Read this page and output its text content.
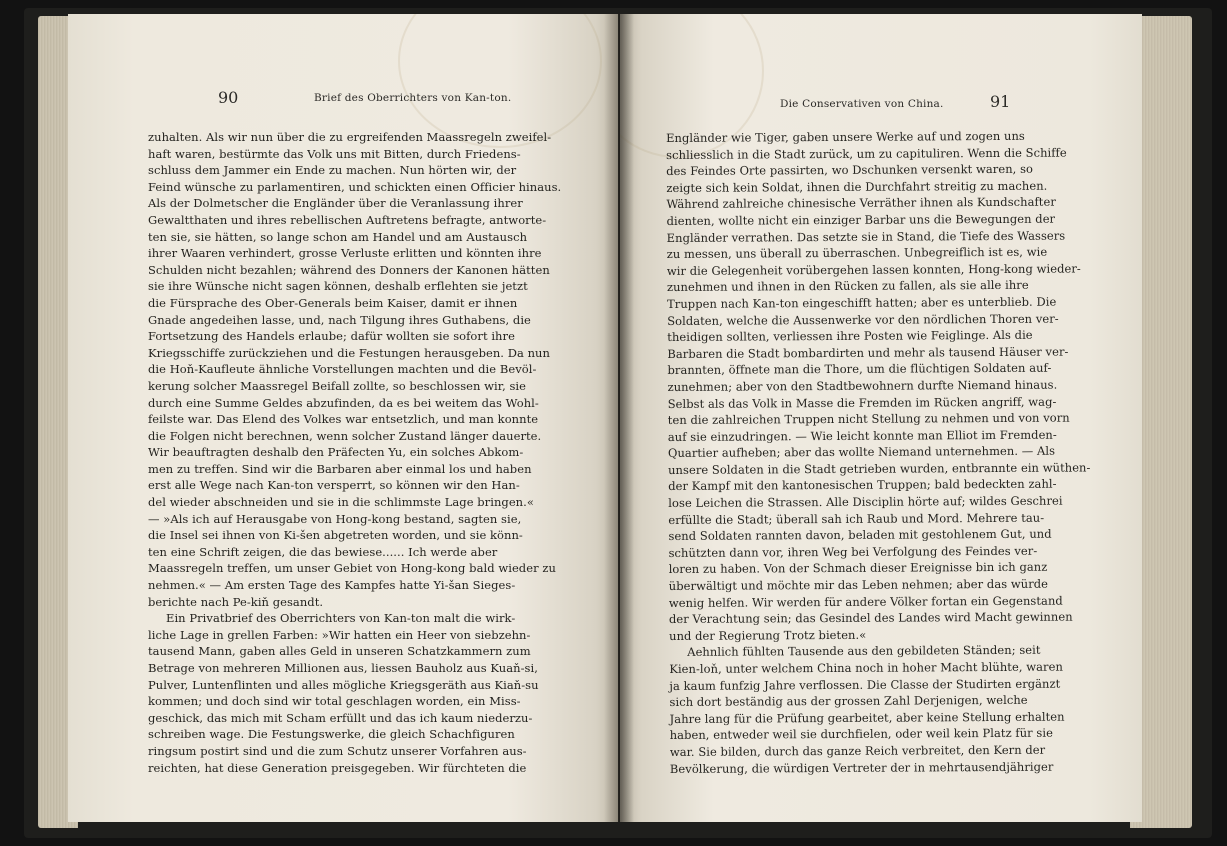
90	Brief des Oberrichters von Kan-ton.	Die Conservativen von China.	91
zuhalten. Als wir nun über die zu ergreifenden Maassregeln zweifel-
haft waren, bestürmte das Volk uns mit Bitten, durch Friedens-
schluss dem Jammer ein Ende zu machen. Nun hörten wir, der
Feind wünsche zu parlamentiren, und schickten einen Officier hinaus.
Als der Dolmetscher die Engländer über die Veranlassung ihrer
Gewaltthaten und ihres rebellischen Auftretens befragte, antworte-
ten sie, sie hätten, so lange schon am Handel und am Austausch
ihrer Waaren verhindert, grosse Verluste erlitten und könnten ihre
Schulden nicht bezahlen; während des Donners der Kanonen hätten
sie ihre Wünsche nicht sagen können, deshalb erflehten sie jetzt
die Fürsprache des Ober-Generals beim Kaiser, damit er ihnen
Gnade angedeihen lasse, und, nach Tilgung ihres Guthabens, die
Fortsetzung des Handels erlaube; dafür wollten sie sofort ihre
Kriegsschiffe zurückziehen und die Festungen herausgeben. Da nun
die Hoň-Kaufleute ähnliche Vorstellungen machten und die Bevöl-
kerung solcher Maassregel Beifall zollte, so beschlossen wir, sie
durch eine Summe Geldes abzufinden, da es bei weitem das Wohl-
feilste war. Das Elend des Volkes war entsetzlich, und man konnte
die Folgen nicht berechnen, wenn solcher Zustand länger dauerte.
Wir beauftragten deshalb den Präfecten Yu, ein solches Abkom-
men zu treffen. Sind wir die Barbaren aber einmal los und haben
erst alle Wege nach Kan-ton versperrt, so können wir den Han-
del wieder abschneiden und sie in die schlimmste Lage bringen.«
— »Als ich auf Herausgabe von Hong-kong bestand, sagten sie,
die Insel sei ihnen von Ki-šen abgetreten worden, und sie könn-
ten eine Schrift zeigen, die das bewiese...... Ich werde aber
Maassregeln treffen, um unser Gebiet von Hong-kong bald wieder zu
nehmen.« — Am ersten Tage des Kampfes hatte Yi-šan Sieges-
berichte nach Pe-kiň gesandt.
Ein Privatbrief des Oberrichters von Kan-ton malt die wirk-
liche Lage in grellen Farben: »Wir hatten ein Heer von siebzehn-
tausend Mann, gaben alles Geld in unseren Schatzkammern zum
Betrage von mehreren Millionen aus, liessen Bauholz aus Kuaň-si,
Pulver, Luntenflinten und alles mögliche Kriegsgeräth aus Kiaň-su
kommen; und doch sind wir total geschlagen worden, ein Miss-
geschick, das mich mit Scham erfüllt und das ich kaum niederzu-
schreiben wage. Die Festungswerke, die gleich Schachfiguren
ringsum postirt sind und die zum Schutz unserer Vorfahren aus-
reichten, hat diese Generation preisgegeben. Wir fürchteten die
Engländer wie Tiger, gaben unsere Werke auf und zogen uns
schliesslich in die Stadt zurück, um zu capituliren. Wenn die Schiffe
des Feindes Orte passirten, wo Dschunken versenkt waren, so
zeigte sich kein Soldat, ihnen die Durchfahrt streitig zu machen.
Während zahlreiche chinesische Verräther ihnen als Kundschafter
dienten, wollte nicht ein einziger Barbar uns die Bewegungen der
Engländer verrathen. Das setzte sie in Stand, die Tiefe des Wassers
zu messen, uns überall zu überraschen. Unbegreiflich ist es, wie
wir die Gelegenheit vorübergehen lassen konnten, Hong-kong wieder-
zunehmen und ihnen in den Rücken zu fallen, als sie alle ihre
Truppen nach Kan-ton eingeschifft hatten; aber es unterblieb. Die
Soldaten, welche die Aussenwerke vor den nördlichen Thoren ver-
theidigen sollten, verliessen ihre Posten wie Feiglinge. Als die
Barbaren die Stadt bombardirten und mehr als tausend Häuser ver-
brannten, öffnete man die Thore, um die flüchtigen Soldaten auf-
zunehmen; aber von den Stadtbewohnern durfte Niemand hinaus.
Selbst als das Volk in Masse die Fremden im Rücken angriff, wag-
ten die zahlreichen Truppen nicht Stellung zu nehmen und von vorn
auf sie einzudringen. — Wie leicht konnte man Elliot im Fremden-
Quartier aufheben; aber das wollte Niemand unternehmen. — Als
unsere Soldaten in die Stadt getrieben wurden, entbrannte ein wüthen-
der Kampf mit den kantonesischen Truppen; bald bedeckten zahl-
lose Leichen die Strassen. Alle Disciplin hörte auf; wildes Geschrei
erfüllte die Stadt; überall sah ich Raub und Mord. Mehrere tau-
send Soldaten rannten davon, beladen mit gestohlenem Gut, und
schützten dann vor, ihren Weg bei Verfolgung des Feindes ver-
loren zu haben. Von der Schmach dieser Ereignisse bin ich ganz
überwältigt und möchte mir das Leben nehmen; aber das würde
wenig helfen. Wir werden für andere Völker fortan ein Gegenstand
der Verachtung sein; das Gesindel des Landes wird Macht gewinnen
und der Regierung Trotz bieten.«
Aehnlich fühlten Tausende aus den gebildeten Ständen; seit
Kien-loň, unter welchem China noch in hoher Macht blühte, waren
ja kaum funfzig Jahre verflossen. Die Classe der Studirten ergänzt
sich dort beständig aus der grossen Zahl Derjenigen, welche
Jahre lang für die Prüfung gearbeitet, aber keine Stellung erhalten
haben, entweder weil sie durchfielen, oder weil kein Platz für sie
war. Sie bilden, durch das ganze Reich verbreitet, den Kern der
Bevölkerung, die würdigen Vertreter der in mehrtausendjähriger
